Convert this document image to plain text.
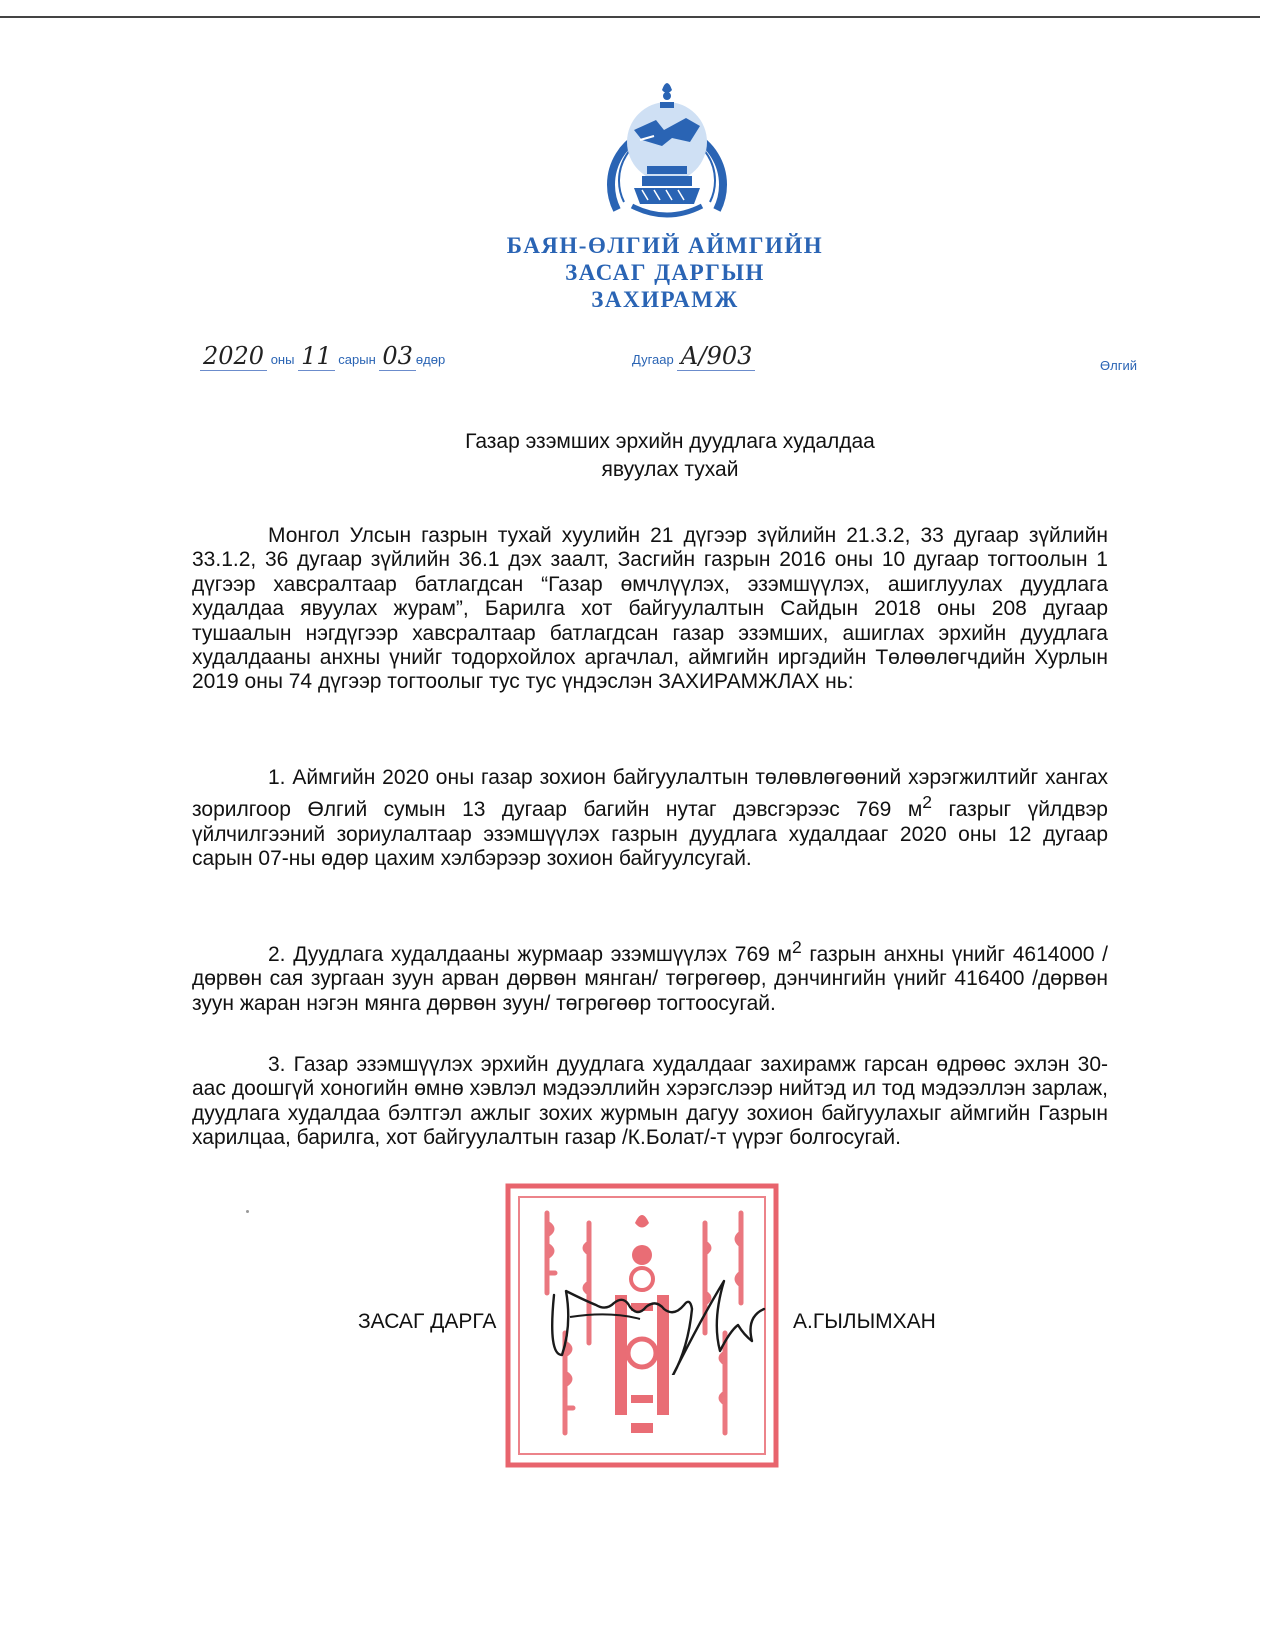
БАЯН-ӨЛГИЙ АЙМГИЙН
ЗАСАГ ДАРГЫН
ЗАХИРАМЖ
2020 оны 11 сарын 03 өдөр	Дугаар А/903	Өлгий
Газар эзэмших эрхийн дуудлага худалдаа
явуулах тухай
Монгол Улсын газрын тухай хуулийн 21 дүгээр зүйлийн 21.3.2, 33 дугаар зүйлийн 33.1.2, 36 дугаар зүйлийн 36.1 дэх заалт, Засгийн газрын 2016 оны 10 дугаар тогтоолын 1 дүгээр хавсралтаар батлагдсан “Газар өмчлүүлэх, эзэмшүүлэх, ашиглуулах дуудлага худалдаа явуулах журам”, Барилга хот байгуулалтын Сайдын 2018 оны 208 дугаар тушаалын нэгдүгээр хавсралтаар батлагдсан газар эзэмших, ашиглах эрхийн дуудлага худалдааны анхны үнийг тодорхойлох аргачлал, аймгийн иргэдийн Төлөөлөгчдийн Хурлын 2019 оны 74 дүгээр тогтоолыг тус тус үндэслэн ЗАХИРАМЖЛАХ нь:
1. Аймгийн 2020 оны газар зохион байгуулалтын төлөвлөгөөний хэрэгжилтийг хангах зорилгоор Өлгий сумын 13 дугаар багийн нутаг дэвсгэрээс 769 $м^2$ газрыг үйлдвэр үйлчилгээний зориулалтаар эзэмшүүлэх газрын дуудлага худалдааг 2020 оны 12 дугаар сарын 07-ны өдөр цахим хэлбэрээр зохион байгуулсугай.
2. Дуудлага худалдааны журмаар эзэмшүүлэх 769 $м^2$ газрын анхны үнийг 4614000 /дөрвөн сая зургаан зуун арван дөрвөн мянган/ төгрөгөөр, дэнчингийн үнийг 416400 /дөрвөн зуун жаран нэгэн мянга дөрвөн зуун/ төгрөгөөр тогтоосугай.
3. Газар эзэмшүүлэх эрхийн дуудлага худалдааг захирамж гарсан өдрөөс эхлэн 30-аас доошгүй хоногийн өмнө хэвлэл мэдээллийн хэрэгслээр нийтэд ил тод мэдээллэн зарлаж, дуудлага худалдаа бэлтгэл ажлыг зохих журмын дагуу зохион байгуулахыг аймгийн Газрын харилцаа, барилга, хот байгуулалтын газар /К.Болат/-т үүрэг болгосугай.
ЗАСАГ ДАРГА	А.ГЫЛЫМХАН
